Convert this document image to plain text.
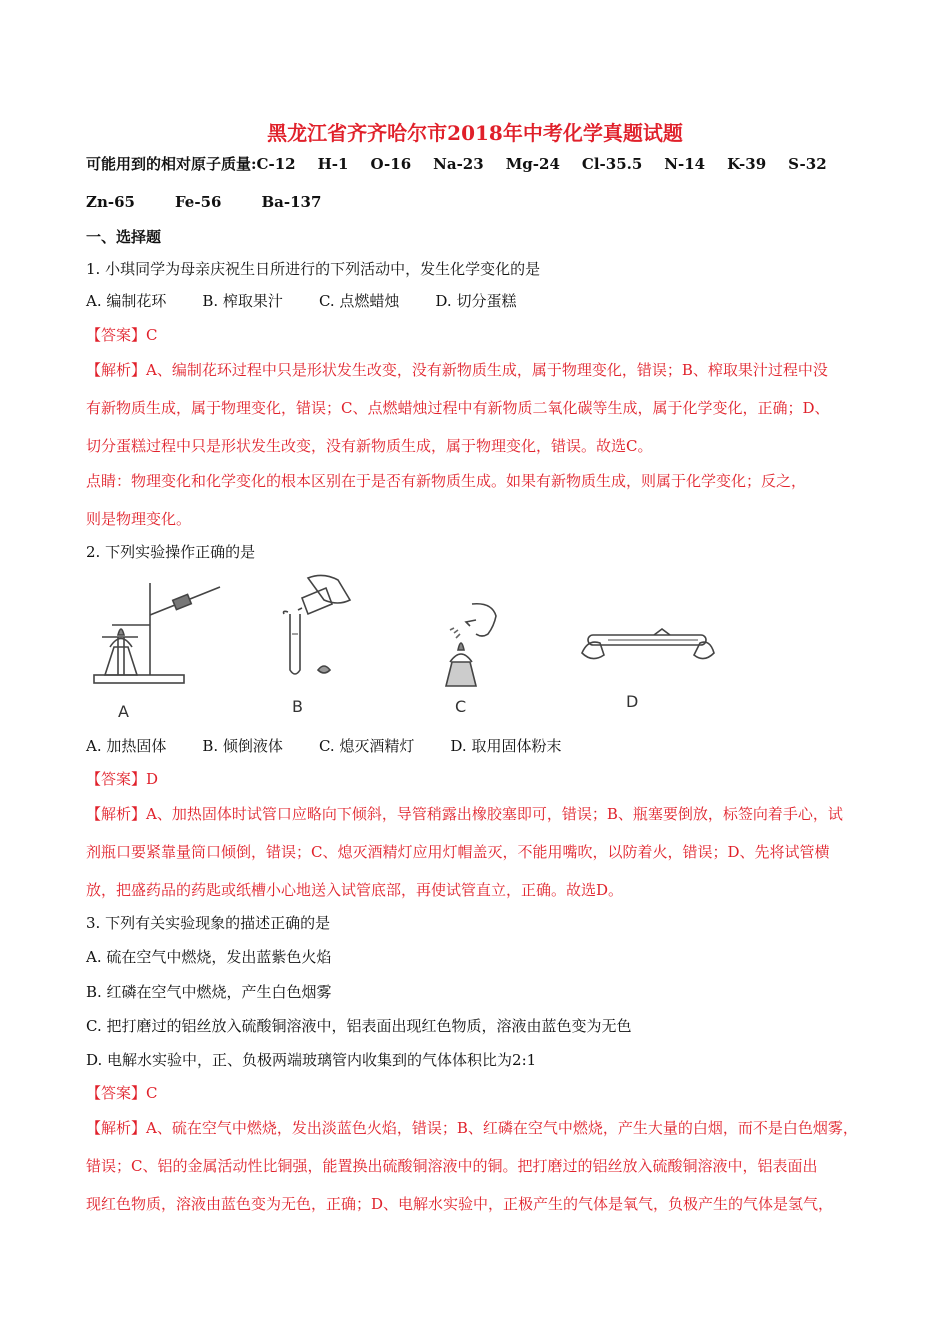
黑龙江省齐齐哈尔市2018年中考化学真题试题
可能用到的相对原子质量:C-12 H-1 O-16 Na-23 Mg-24 Cl-35.5 N-14 K-39 S-32
Zn-65	Fe-56	Ba-137
一、选择题
1. 小琪同学为母亲庆祝生日所进行的下列活动中，发生化学变化的是
A. 编制花环 B. 榨取果汁 C. 点燃蜡烛 D. 切分蛋糕
【答案】C
【解析】A、编制花环过程中只是形状发生改变，没有新物质生成，属于物理变化，错误；B、榨取果汁过程中没
有新物质生成，属于物理变化，错误；C、点燃蜡烛过程中有新物质二氧化碳等生成，属于化学变化，正确；D、
切分蛋糕过程中只是形状发生改变，没有新物质生成，属于物理变化，错误。故选C。
点睛：物理变化和化学变化的根本区别在于是否有新物质生成。如果有新物质生成，则属于化学变化；反之，
则是物理变化。
2. 下列实验操作正确的是
A	B	C	D
A. 加热固体 B. 倾倒液体 C. 熄灭酒精灯 D. 取用固体粉末
【答案】D
【解析】A、加热固体时试管口应略向下倾斜，导管稍露出橡胶塞即可，错误；B、瓶塞要倒放，标签向着手心，试
剂瓶口要紧靠量筒口倾倒，错误；C、熄灭酒精灯应用灯帽盖灭，不能用嘴吹，以防着火，错误；D、先将试管横
放，把盛药品的药匙或纸槽小心地送入试管底部，再使试管直立，正确。故选D。
3. 下列有关实验现象的描述正确的是
A. 硫在空气中燃烧，发出蓝紫色火焰
B. 红磷在空气中燃烧，产生白色烟雾
C. 把打磨过的铝丝放入硫酸铜溶液中，铝表面出现红色物质，溶液由蓝色变为无色
D. 电解水实验中，正、负极两端玻璃管内收集到的气体体积比为2:1
【答案】C
【解析】A、硫在空气中燃烧，发出淡蓝色火焰，错误；B、红磷在空气中燃烧，产生大量的白烟，而不是白色烟雾，
错误；C、铝的金属活动性比铜强，能置换出硫酸铜溶液中的铜。把打磨过的铝丝放入硫酸铜溶液中，铝表面出
现红色物质，溶液由蓝色变为无色，正确；D、电解水实验中，正极产生的气体是氧气，负极产生的气体是氢气，
